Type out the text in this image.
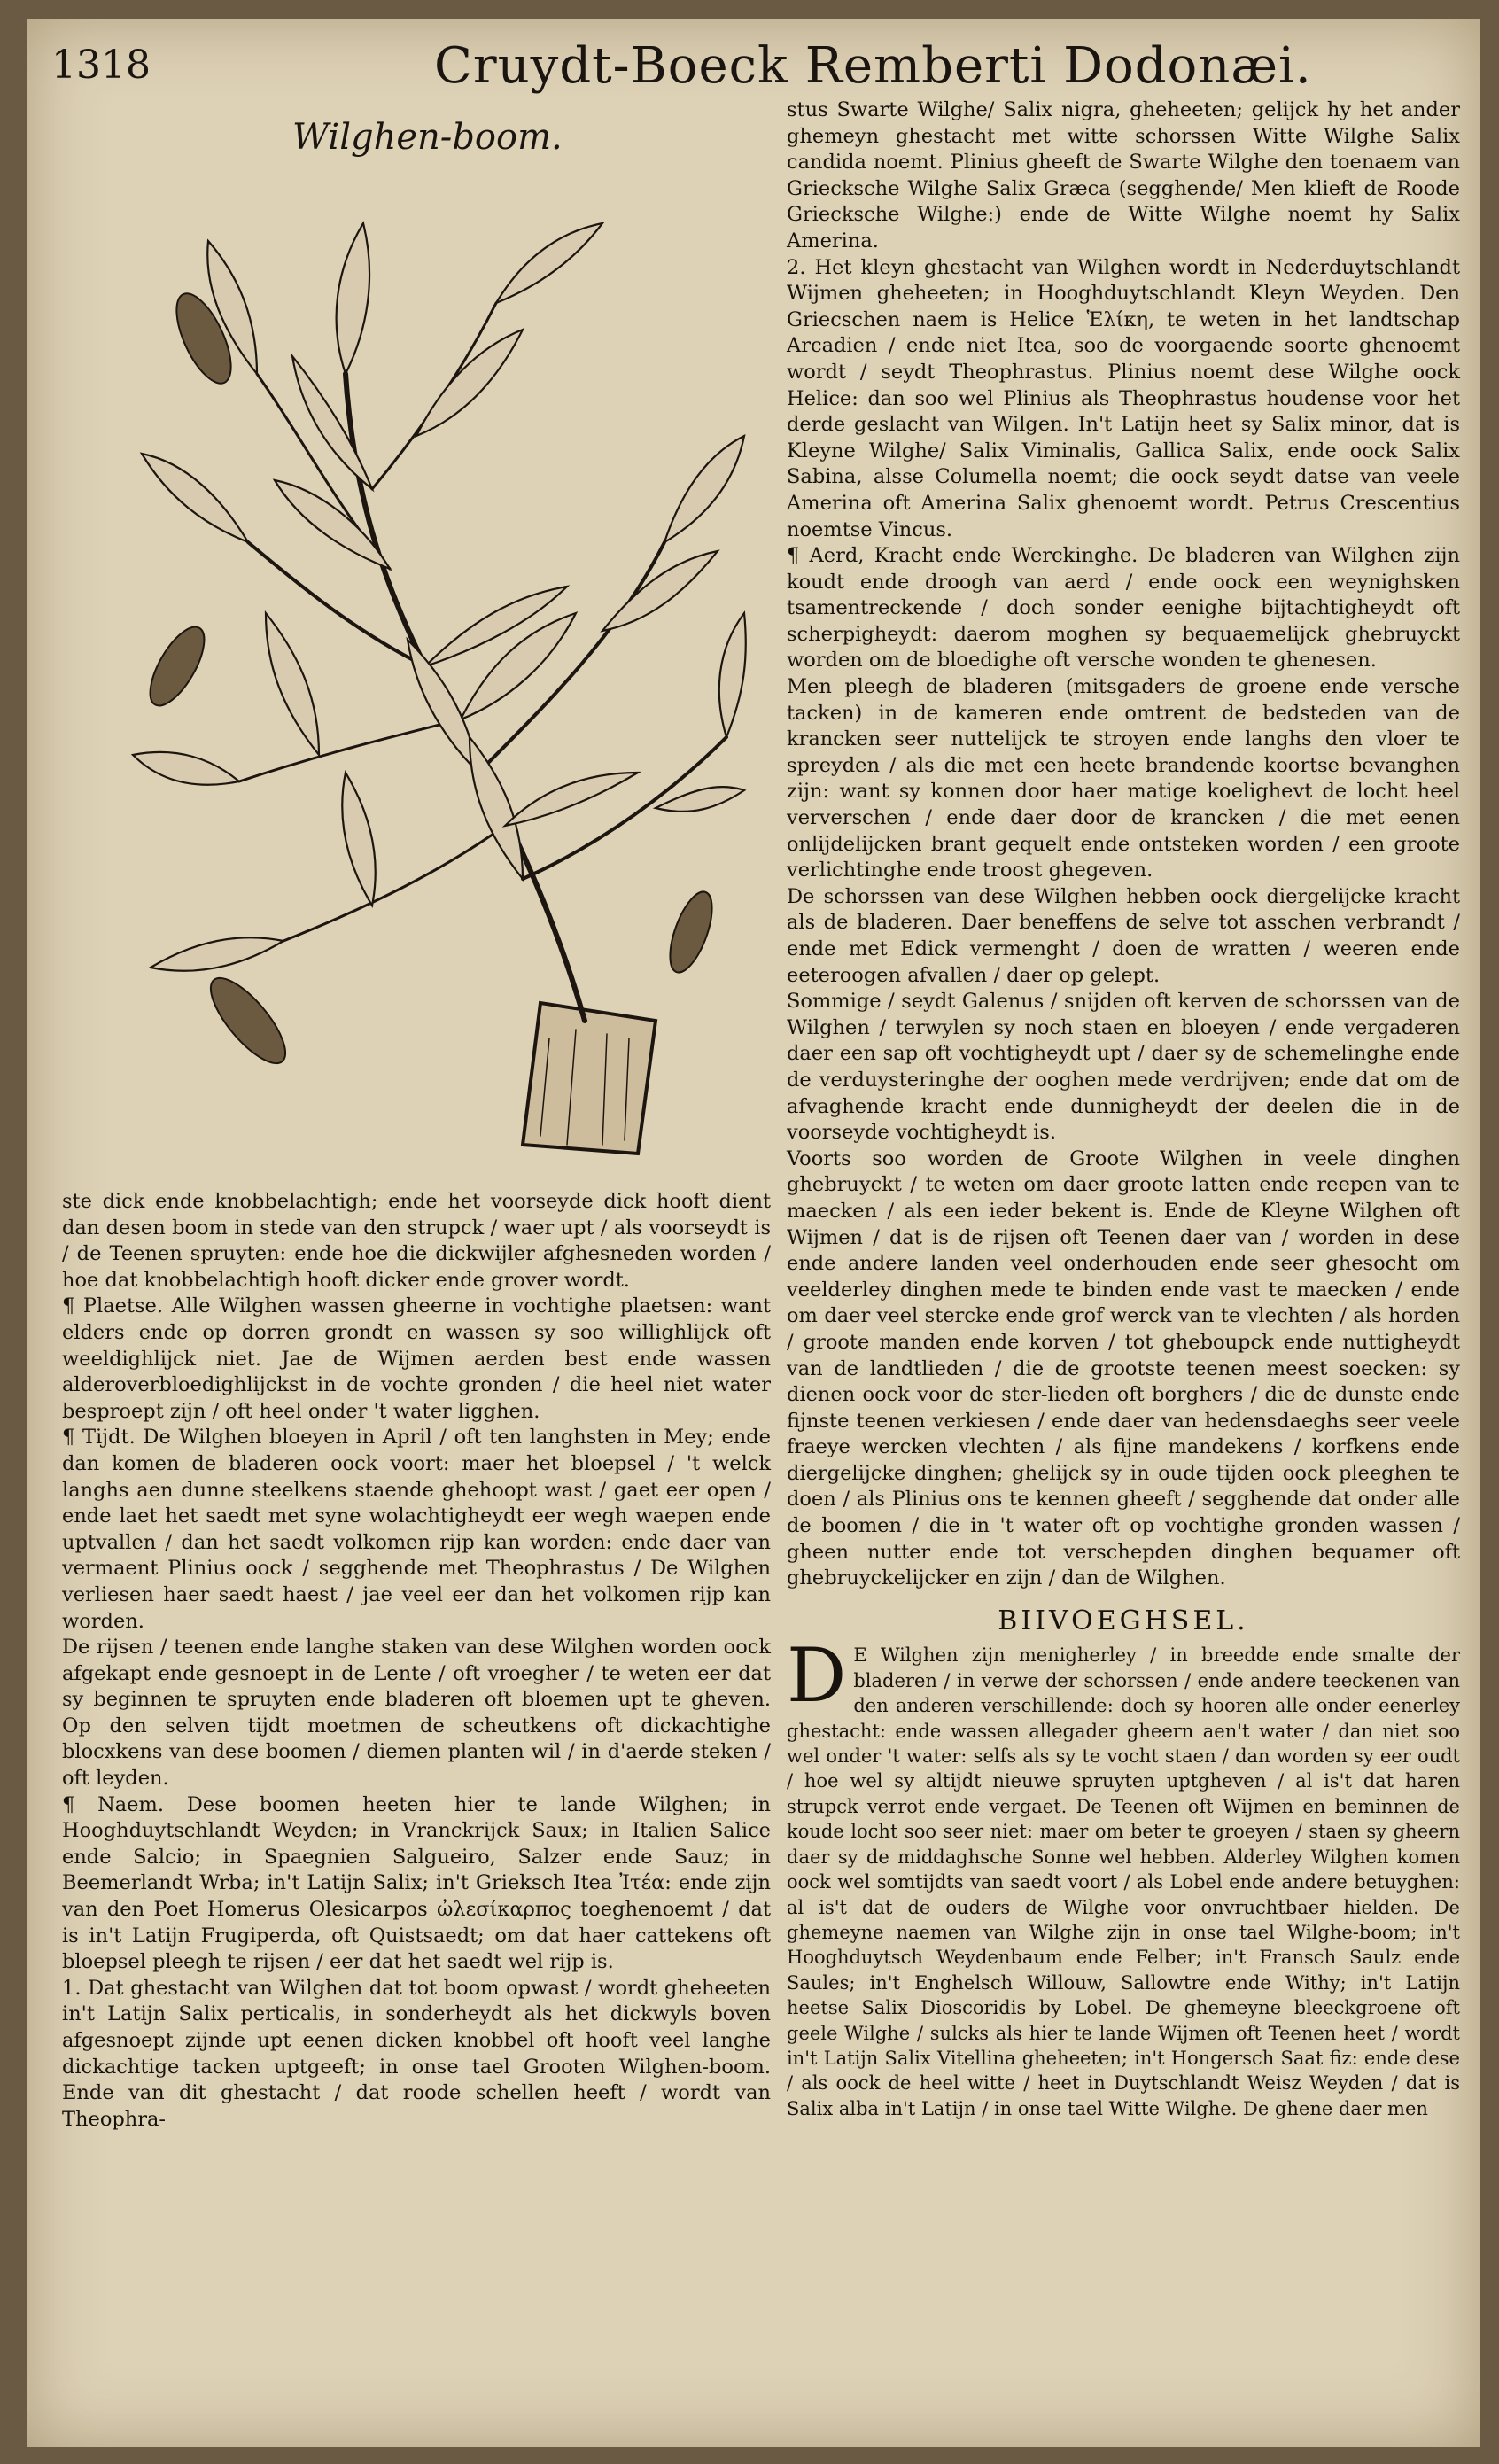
1318	Cruydt-Boeck Remberti Dodonæi.
Wilghen-boom.

stus Swarte Wilghe/ Salix nigra, gheheeten; gelijck hy het ander ghemeyn ghestacht met witte schorssen Witte Wilghe Salix candida noemt. Plinius gheeft de Swarte Wilghe den toenaem van Griecksche Wilghe Salix Græca (segghende/ Men klieft de Roode Griecksche Wilghe:) ende de Witte Wilghe noemt hy Salix Amerina.

2. Het kleyn ghestacht van Wilghen wordt in Nederduytschlandt Wijmen gheheeten; in Hooghduytschlandt Kleyn Weyden. Den Griecschen naem is Helice Ἑλίκη, te weten in het landtschap Arcadien / ende niet Itea, soo de voorgaende soorte ghenoemt wordt / seydt Theophrastus. Plinius noemt dese Wilghe oock Helice: dan soo wel Plinius als Theophrastus houdense voor het derde geslacht van Wilgen. In't Latijn heet sy Salix minor, dat is Kleyne Wilghe/ Salix Viminalis, Gallica Salix, ende oock Salix Sabina, alsse Columella noemt; die oock seydt datse van veele Amerina oft Amerina Salix ghenoemt wordt. Petrus Crescentius noemtse Vincus.

¶ Aerd, Kracht ende Werckinghe. De bladeren van Wilghen zijn koudt ende droogh van aerd / ende oock een weynighsken tsamentreckende / doch sonder eenighe bijtachtigheydt oft scherpigheydt: daerom moghen sy bequaemelijck ghebruyckt worden om de bloedighe oft versche wonden te ghenesen.

Men pleegh de bladeren (mitsgaders de groene ende versche tacken) in de kameren ende omtrent de bedsteden van de krancken seer nuttelijck te stroyen ende langhs den vloer te spreyden / als die met een heete brandende koortse bevanghen zijn: want sy konnen door haer matige koelighevt de locht heel ververschen / ende daer door de krancken / die met eenen onlijdelijcken brant gequelt ende ontsteken worden / een groote verlichtinghe ende troost ghegeven.

De schorssen van dese Wilghen hebben oock diergelijcke kracht als de bladeren. Daer beneffens de selve tot asschen verbrandt / ende met Edick vermenght / doen de wratten / weeren ende eeteroogen afvallen / daer op gelept.

Sommige / seydt Galenus / snijden oft kerven de schorssen van de Wilghen / terwylen sy noch staen en bloeyen / ende vergaderen daer een sap oft vochtigheydt upt / daer sy de schemelinghe ende de verduysteringhe der ooghen mede verdrijven; ende dat om de afvaghende kracht ende dunnigheydt der deelen die in de voorseyde vochtigheydt is.

Voorts soo worden de Groote Wilghen in veele dinghen ghebruyckt / te weten om daer groote latten ende reepen van te maecken / als een ieder bekent is. Ende de Kleyne Wilghen oft Wijmen / dat is de rijsen oft Teenen daer van / worden in dese ende andere landen veel onderhouden ende seer ghesocht om veelderley dinghen mede te binden ende vast te maecken / ende om daer veel stercke ende grof werck van te vlechten / als horden / groote manden ende korven / tot gheboupck ende nuttigheydt van de landtlieden / die de grootste teenen meest soecken: sy dienen oock voor de ster-lieden oft borghers / die de dunste ende fijnste teenen verkiesen / ende daer van hedensdaeghs seer veele fraeye wercken vlechten / als fijne mandekens / korfkens ende diergelijcke dinghen; ghelijck sy in oude tijden oock pleeghen te doen / als Plinius ons te kennen gheeft / segghende dat onder alle de boomen / die in 't water oft op vochtighe gronden wassen / gheen nutter ende tot verschepden dinghen bequamer oft ghebruyckelijcker en zijn / dan de Wilghen.

BIIVOEGHSEL.

D E Wilghen zijn menigherley / in breedde ende smalte der bladeren / in verwe der schorssen / ende andere teeckenen van den anderen verschillende: doch sy hooren alle onder eenerley ghestacht: ende wassen allegader gheern aen't water / dan niet soo wel onder 't water: selfs als sy te vocht staen / dan worden sy eer oudt / hoe wel sy altijdt nieuwe spruyten uptgheven / al is't dat haren strupck verrot ende vergaet. De Teenen oft Wijmen en beminnen de koude locht soo seer niet: maer om beter te groeyen / staen sy gheern daer sy de middaghsche Sonne wel hebben. Alderley Wilghen komen oock wel somtijdts van saedt voort / als Lobel ende andere betuyghen: al is't dat de ouders de Wilghe voor onvruchtbaer hielden. De ghemeyne naemen van Wilghe zijn in onse tael Wilghe-boom; in't Hooghduytsch Weydenbaum ende Felber; in't Fransch Saulz ende Saules; in't Enghelsch Willouw, Sallowtre ende Withy; in't Latijn heetse Salix Dioscoridis by Lobel. De ghemeyne bleeckgroene oft geele Wilghe / sulcks als hier te lande Wijmen oft Teenen heet / wordt in't Latijn Salix Vitellina gheheeten; in't Hongersch Saat fiz: ende dese / als oock de heel witte / heet in Duytschlandt Weisz Weyden / dat is Salix alba in't Latijn / in onse tael Witte Wilghe. De ghene daer men

ste dick ende knobbelachtigh; ende het voorseyde dick hooft dient dan desen boom in stede van den strupck / waer upt / als voorseydt is / de Teenen spruyten: ende hoe die dickwijler afghesneden worden / hoe dat knobbelachtigh hooft dicker ende grover wordt.

¶ Plaetse. Alle Wilghen wassen gheerne in vochtighe plaetsen: want elders ende op dorren grondt en wassen sy soo willighlijck oft weeldighlijck niet. Jae de Wijmen aerden best ende wassen alderoverbloedighlijckst in de vochte gronden / die heel niet water besproept zijn / oft heel onder 't water ligghen.

¶ Tijdt. De Wilghen bloeyen in April / oft ten langhsten in Mey; ende dan komen de bladeren oock voort: maer het bloepsel / 't welck langhs aen dunne steelkens staende ghehoopt wast / gaet eer open / ende laet het saedt met syne wolachtigheydt eer wegh waepen ende uptvallen / dan het saedt volkomen rijp kan worden: ende daer van vermaent Plinius oock / segghende met Theophrastus / De Wilghen verliesen haer saedt haest / jae veel eer dan het volkomen rijp kan worden.

De rijsen / teenen ende langhe staken van dese Wilghen worden oock afgekapt ende gesnoept in de Lente / oft vroegher / te weten eer dat sy beginnen te spruyten ende bladeren oft bloemen upt te gheven. Op den selven tijdt moetmen de scheutkens oft dickachtighe blocxkens van dese boomen / diemen planten wil / in d'aerde steken / oft leyden.

¶ Naem. Dese boomen heeten hier te lande Wilghen; in Hooghduytschlandt Weyden; in Vranckrijck Saux; in Italien Salice ende Salcio; in Spaegnien Salgueiro, Salzer ende Sauz; in Beemerlandt Wrba; in't Latijn Salix; in't Grieksch Itea Ἰτέα: ende zijn van den Poet Homerus Olesicarpos ὠλεσίκαρπος toeghenoemt / dat is in't Latijn Frugiperda, oft Quistsaedt; om dat haer cattekens oft bloepsel pleegh te rijsen / eer dat het saedt wel rijp is.

1. Dat ghestacht van Wilghen dat tot boom opwast / wordt gheheeten in't Latijn Salix perticalis, in sonderheydt als het dickwyls boven afgesnoept zijnde upt eenen dicken knobbel oft hooft veel langhe dickachtige tacken uptgeeft; in onse tael Grooten Wilghen-boom. Ende van dit ghestacht / dat roode schellen heeft / wordt van Theophra-
